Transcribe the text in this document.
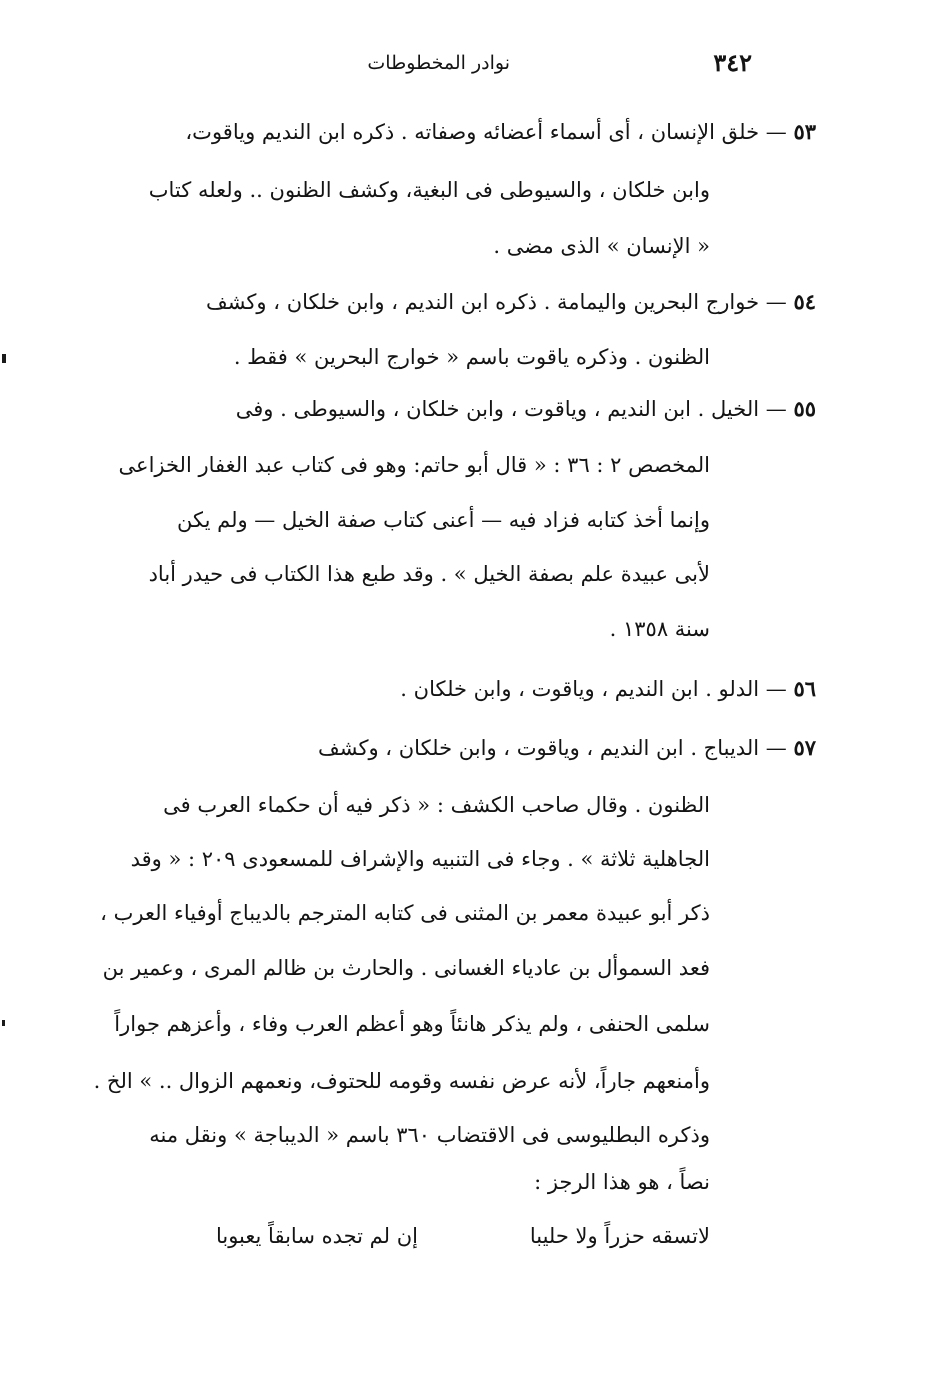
٣٤٢
نوادر المخطوطات
٥٣ — خلق الإنسان ، أى أسماء أعضائه وصفاته . ذكره ابن النديم وياقوت،
وابن خلكان ، والسيوطى فى البغية، وكشف الظنون .. ولعله كتاب
« الإنسان » الذى مضى .
٥٤ — خوارج البحرين واليمامة . ذكره ابن النديم ، وابن خلكان ، وكشف
الظنون . وذكره ياقوت باسم « خوارج البحرين » فقط .
٥٥ — الخيل . ابن النديم ، وياقوت ، وابن خلكان ، والسيوطى . وفى
المخصص ٢ : ٣٦ : « قال أبو حاتم: وهو فى كتاب عبد الغفار الخزاعى
وإنما أخذ كتابه فزاد فيه — أعنى كتاب صفة الخيل — ولم يكن
لأبى عبيدة علم بصفة الخيل » . وقد طبع هذا الكتاب فى حيدر أباد
سنة ١٣٥٨ .
٥٦ — الدلو . ابن النديم ، وياقوت ، وابن خلكان .
٥٧ — الديباج . ابن النديم ، وياقوت ، وابن خلكان ، وكشف
الظنون . وقال صاحب الكشف : « ذكر فيه أن حكماء العرب فى
الجاهلية ثلاثة » . وجاء فى التنبيه والإشراف للمسعودى ٢٠٩ : « وقد
ذكر أبو عبيدة معمر بن المثنى فى كتابه المترجم بالديباج أوفياء العرب ،
فعد السموأل بن عادياء الغسانى . والحارث بن ظالم المرى ، وعمير بن
سلمى الحنفى ، ولم يذكر هانئاً وهو أعظم العرب وفاء ، وأعزهم جواراً
وأمنعهم جاراً، لأنه عرض نفسه وقومه للحتوف، ونعمهم الزوال .. » الخ .
وذكره البطليوسى فى الاقتضاب ٣٦٠ باسم « الديباجة » ونقل منه
نصاً ، هو هذا الرجز :
لاتسقه حزراً ولا حليبا
إن لم تجده سابقاً يعبوبا
